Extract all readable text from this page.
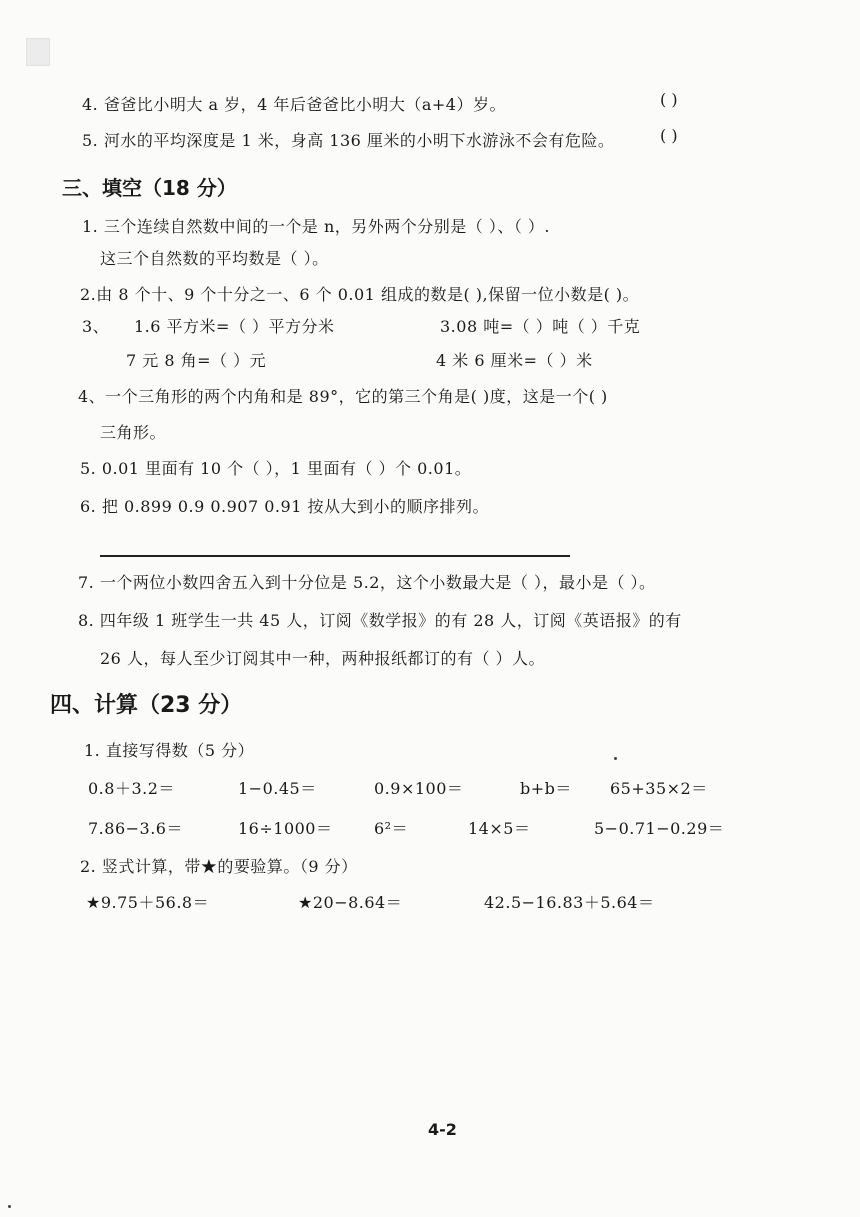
4. 爸爸比小明大 a 岁，4 年后爸爸比小明大（a+4）岁。	( )
5. 河水的平均深度是 1 米，身高 136 厘米的小明下水游泳不会有危险。	( )
三、填空（18 分）
1. 三个连续自然数中间的一个是 n，另外两个分别是（ ）、（ ）.
这三个自然数的平均数是（ ）。
2.由 8 个十、9 个十分之一、6 个 0.01 组成的数是( ),保留一位小数是( )。
3、 1.6 平方米=（ ）平方分米	3.08 吨=（ ）吨（ ）千克
7 元 8 角=（ ）元	4 米 6 厘米=（ ）米
4、一个三角形的两个内角和是 89°，它的第三个角是( )度，这是一个( )
三角形。
5. 0.01 里面有 10 个（ ），1 里面有（ ）个 0.01。
6. 把 0.899 0.9 0.907 0.91 按从大到小的顺序排列。
7. 一个两位小数四舍五入到十分位是 5.2，这个小数最大是（ ），最小是（ ）。
8. 四年级 1 班学生一共 45 人，订阅《数学报》的有 28 人，订阅《英语报》的有
26 人，每人至少订阅其中一种，两种报纸都订的有（ ）人。
四、计算（23 分）
1. 直接写得数（5 分）
0.8＋3.2＝	1−0.45＝	0.9×100＝	b+b＝ 65+35×2＝
7.86−3.6＝	16÷1000＝	6²＝	14×5＝	5−0.71−0.29＝
2. 竖式计算，带★的要验算。（9 分）
★9.75＋56.8＝	★20−8.64＝	42.5−16.83＋5.64＝
4-2
